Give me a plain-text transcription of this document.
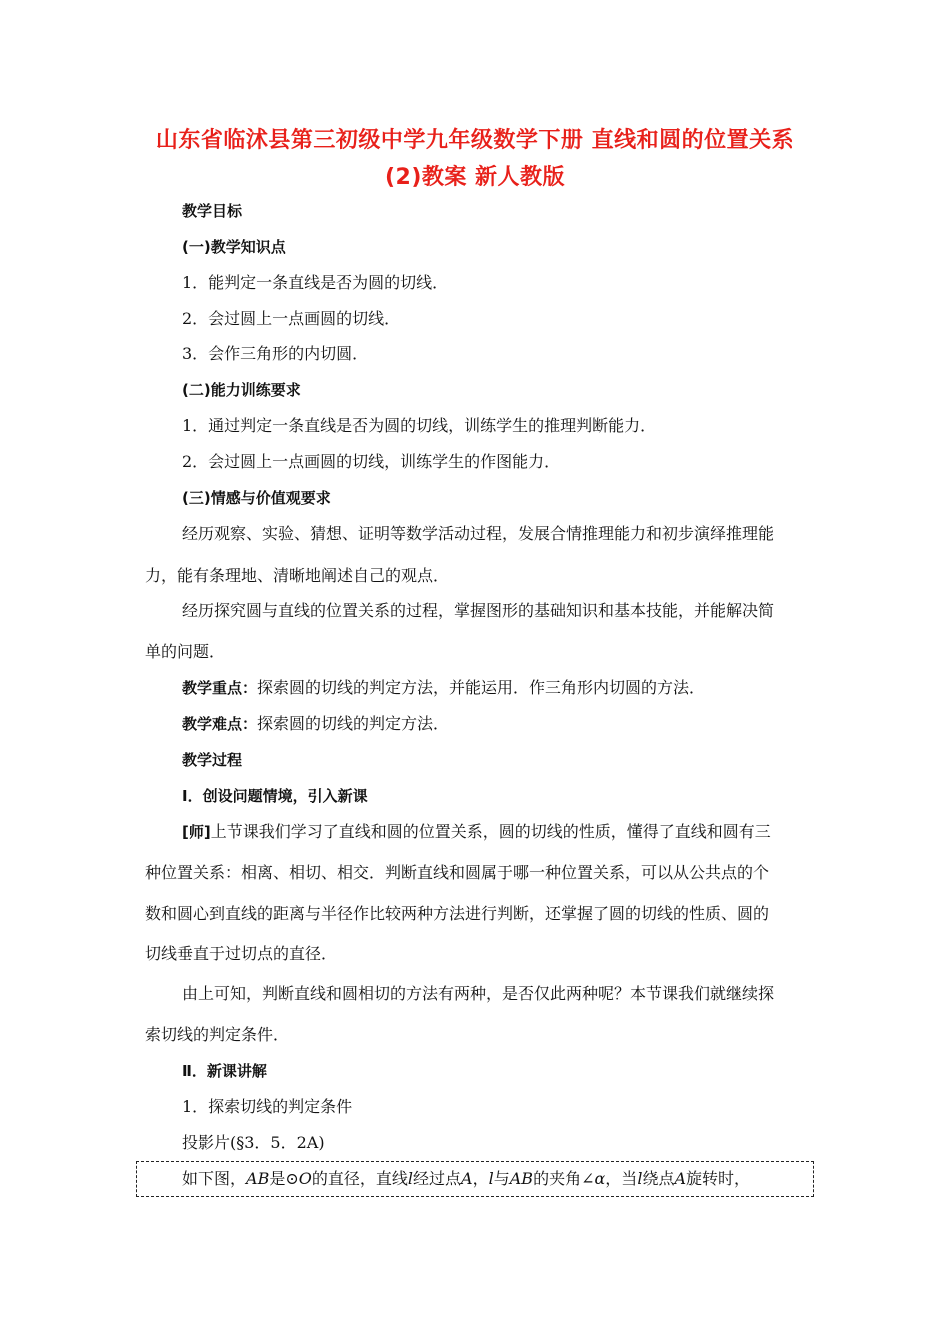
山东省临沭县第三初级中学九年级数学下册 直线和圆的位置关系
(2)教案 新人教版
教学目标
(一)教学知识点
1．能判定一条直线是否为圆的切线．
2．会过圆上一点画圆的切线．
3．会作三角形的内切圆．
(二)能力训练要求
1．通过判定一条直线是否为圆的切线，训练学生的推理判断能力．
2．会过圆上一点画圆的切线，训练学生的作图能力．
(三)情感与价值观要求
经历观察、实验、猜想、证明等数学活动过程，发展合情推理能力和初步演绎推理能
力，能有条理地、清晰地阐述自己的观点．
经历探究圆与直线的位置关系的过程，掌握图形的基础知识和基本技能，并能解决简
单的问题．
教学重点：探索圆的切线的判定方法，并能运用．作三角形内切圆的方法．
教学难点：探索圆的切线的判定方法．
教学过程
Ⅰ．创设问题情境，引入新课
[师]上节课我们学习了直线和圆的位置关系，圆的切线的性质，懂得了直线和圆有三
种位置关系：相离、相切、相交．判断直线和圆属于哪一种位置关系，可以从公共点的个
数和圆心到直线的距离与半径作比较两种方法进行判断，还掌握了圆的切线的性质、圆的
切线垂直于过切点的直径．
由上可知，判断直线和圆相切的方法有两种，是否仅此两种呢？本节课我们就继续探
索切线的判定条件．
Ⅱ．新课讲解
1．探索切线的判定条件
投影片(§3．5．2A)
如下图，AB是⊙O的直径，直线l经过点A，l与AB的夹角∠α，当l绕点A旋转时，
